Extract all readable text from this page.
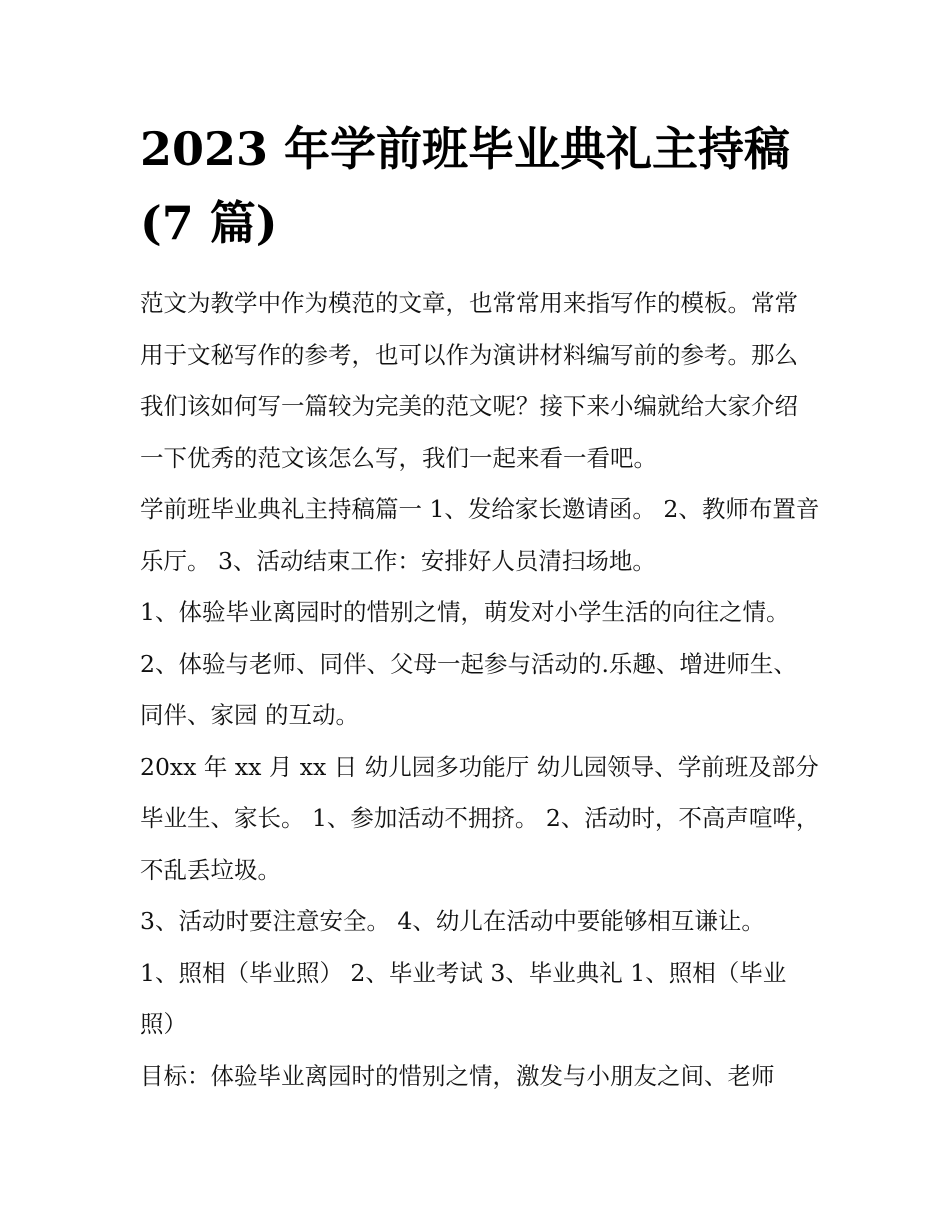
2023 年学前班毕业典礼主持稿(7 篇)

范文为教学中作为模范的文章，也常常用来指写作的模板。常常用于文秘写作的参考，也可以作为演讲材料编写前的参考。那么我们该如何写一篇较为完美的范文呢？接下来小编就给大家介绍一下优秀的范文该怎么写，我们一起来看一看吧。

学前班毕业典礼主持稿篇一 1、发给家长邀请函。 2、教师布置音乐厅。 3、活动结束工作：安排好人员清扫场地。

1、体验毕业离园时的惜别之情，萌发对小学生活的向往之情。 2、体验与老师、同伴、父母一起参与活动的.乐趣、增进师生、同伴、家园 的互动。

20xx 年 xx 月 xx 日 幼儿园多功能厅 幼儿园领导、学前班及部分毕业生、家长。 1、参加活动不拥挤。 2、活动时，不高声喧哗，不乱丢垃圾。

3、活动时要注意安全。 4、幼儿在活动中要能够相互谦让。

1、照相（毕业照） 2、毕业考试 3、毕业典礼 1、照相（毕业照）

目标：体验毕业离园时的惜别之情，激发与小朋友之间、老师
